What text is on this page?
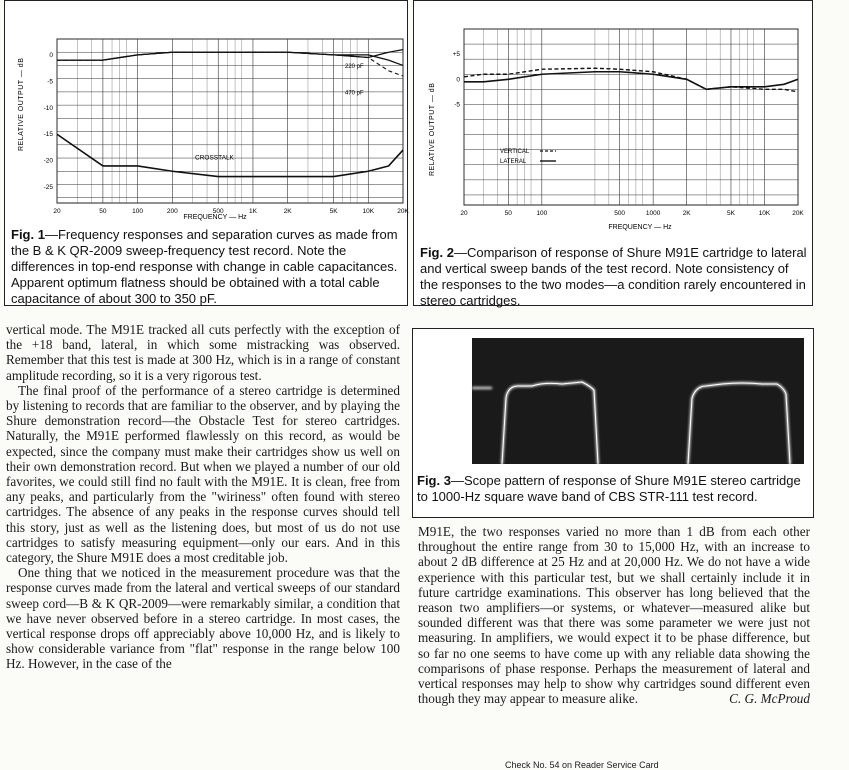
RELATIVE OUTPUT — dB
FREQUENCY — Hz
20	50	100	200	500	1K	2K	5K	10K	20K
0
-5
-10
-15
-20
-25
220 pF
470 pF
CROSSTALK
Fig. 1—Frequency responses and separation curves as made from the B & K QR-2009 sweep-frequency test record. Note the differences in top-end response with change in cable capacitances. Apparent optimum flatness should be obtained with a total cable capacitance of about 300 to 350 pF.
RELATIVE OUTPUT — dB
FREQUENCY — Hz
20	50	100	500	1000	2K	5K	10K	20K
+5
0
-5
VERTICAL
LATERAL
Fig. 2—Comparison of response of Shure M91E cartridge to lateral and vertical sweep bands of the test record. Note consistency of the responses to the two modes—a condition rarely encountered in stereo cartridges.
Fig. 3—Scope pattern of response of Shure M91E stereo cartridge to 1000-Hz square wave band of CBS STR-111 test record.

vertical mode. The M91E tracked all cuts perfectly with the exception of the +18 band, lateral, in which some mistracking was observed. Remember that this test is made at 300 Hz, which is in a range of constant amplitude recording, so it is a very rigorous test.

The final proof of the performance of a stereo cartridge is determined by listening to records that are familiar to the observer, and by playing the Shure demonstration record—the Obstacle Test for stereo cartridges. Naturally, the M91E performed flawlessly on this record, as would be expected, since the company must make their cartridges show us well on their own demonstration record. But when we played a number of our old favorites, we could still find no fault with the M91E. It is clean, free from any peaks, and particularly from the "wiriness" often found with stereo cartridges. The absence of any peaks in the response curves should tell this story, just as well as the listening does, but most of us do not use cartridges to satisfy measuring equipment—only our ears. And in this category, the Shure M91E does a most creditable job.

One thing that we noticed in the measurement procedure was that the response curves made from the lateral and vertical sweeps of our standard sweep cord—B & K QR-2009—were remarkably similar, a condition that we have never observed before in a stereo cartridge. In most cases, the vertical response drops off appreciably above 10,000 Hz, and is likely to show considerable variance from "flat" response in the range below 100 Hz. However, in the case of the

M91E, the two responses varied no more than 1 dB from each other throughout the entire range from 30 to 15,000 Hz, with an increase to about 2 dB difference at 25 Hz and at 20,000 Hz. We do not have a wide experience with this particular test, but we shall certainly include it in future cartridge examinations. This observer has long believed that the reason two amplifiers—or systems, or whatever—measured alike but sounded different was that there was some parameter we were just not measuring. In amplifiers, we would expect it to be phase difference, but so far no one seems to have come up with any reliable data showing the comparisons of phase response. Perhaps the measurement of lateral and vertical responses may help to show why cartridges sound different even though they may appear to measure alike.	C. G. McProud

Check No. 54 on Reader Service Card
